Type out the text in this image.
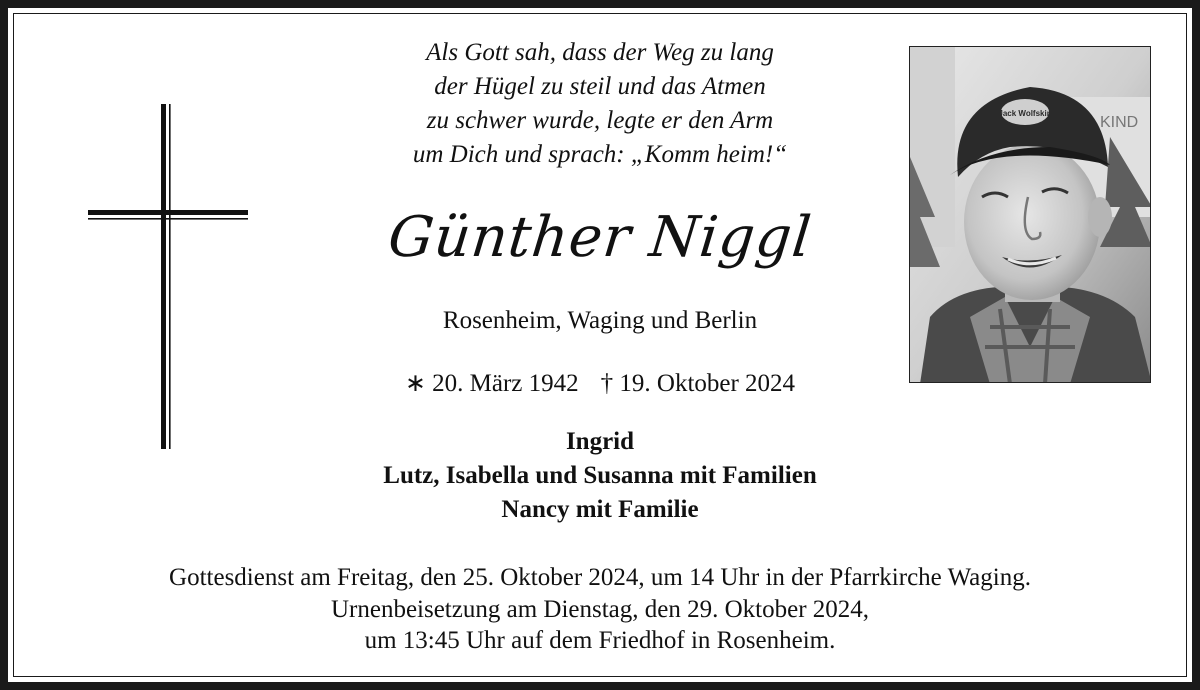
Als Gott sah, dass der Weg zu lang
der Hügel zu steil und das Atmen
zu schwer wurde, legte er den Arm
um Dich und sprach: „Komm heim!“
Günther Niggl
Rosenheim, Waging und Berlin
∗ 20. März 1942 † 19. Oktober 2024
Ingrid
Lutz, Isabella und Susanna mit Familien
Nancy mit Familie
Gottesdienst am Freitag, den 25. Oktober 2024, um 14 Uhr in der Pfarrkirche Waging.
Urnenbeisetzung am Dienstag, den 29. Oktober 2024,
um 13:45 Uhr auf dem Friedhof in Rosenheim.
KIND
Jack Wolfskin
